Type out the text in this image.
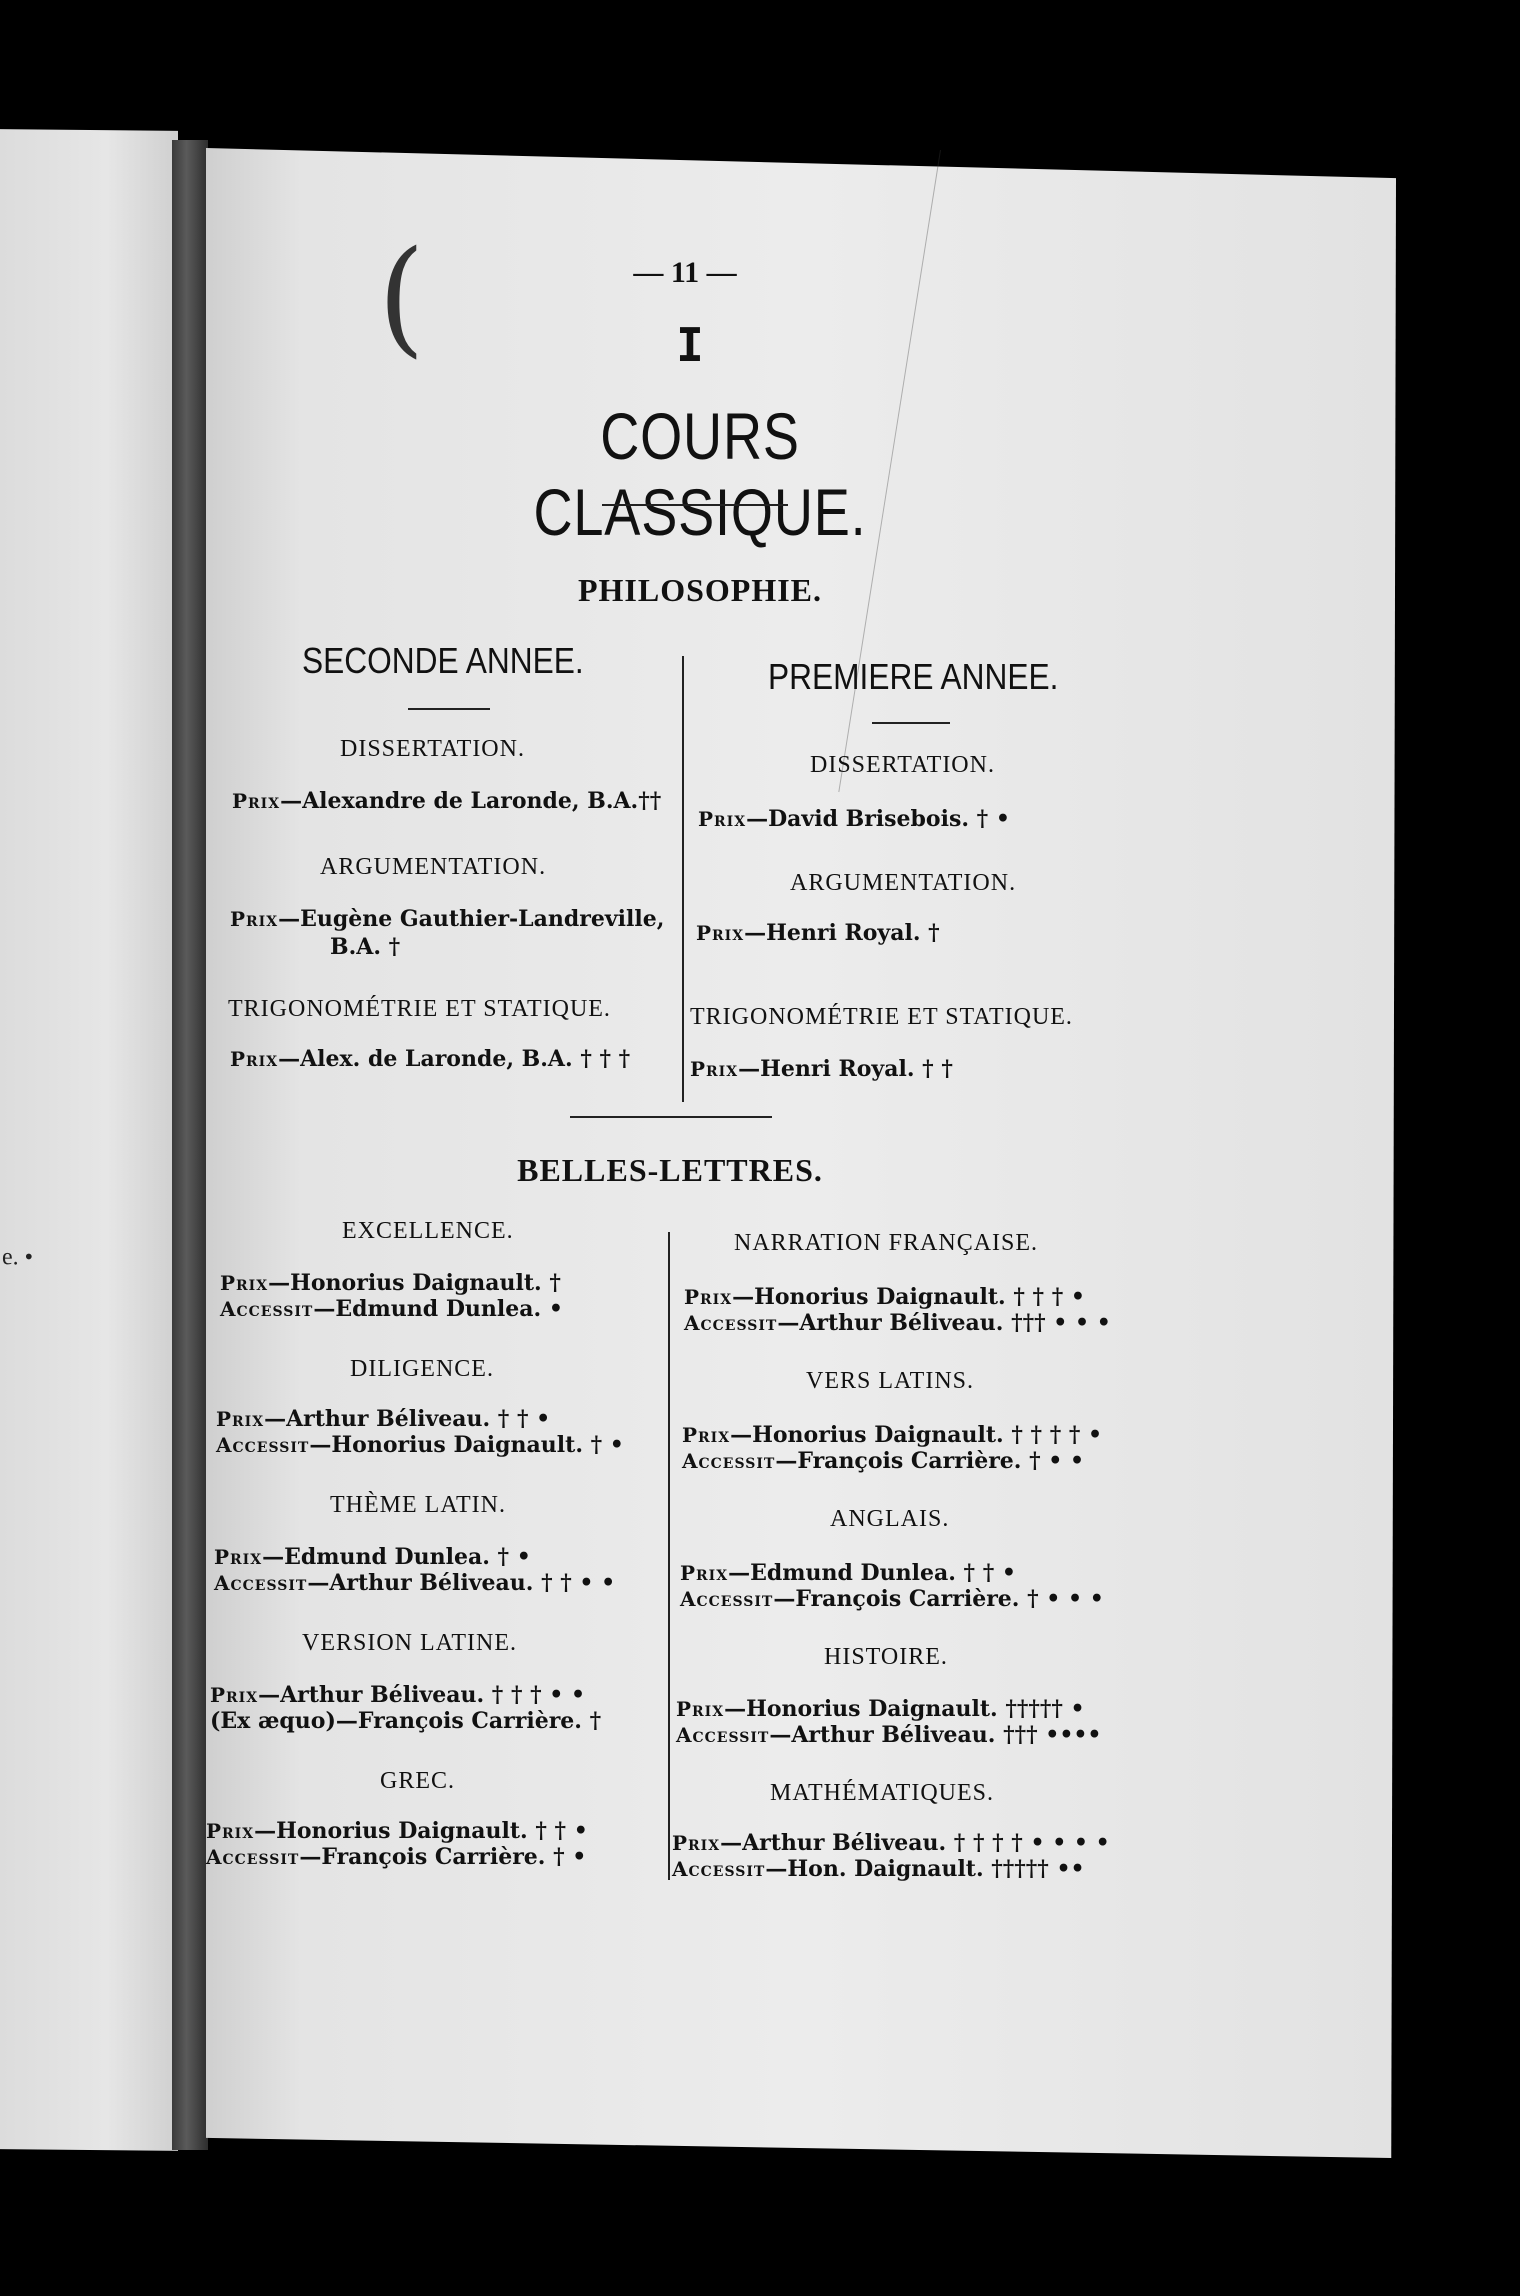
e. •
(	— 11 —
I
COURS CLASSIQUE.
PHILOSOPHIE.
SECONDE ANNEE.	PREMIERE ANNEE.
DISSERTATION.
Prix—Alexandre de Laronde, B.A.††
ARGUMENTATION.
Prix—Eugène Gauthier-Landreville,
B.A. †
TRIGONOMÉTRIE ET STATIQUE.
Prix—Alex. de Laronde, B.A. † † †
DISSERTATION.
Prix—David Brisebois. † •
ARGUMENTATION.
Prix—Henri Royal. †
TRIGONOMÉTRIE ET STATIQUE.
Prix—Henri Royal. † †
BELLES-LETTRES.
EXCELLENCE.
Prix—Honorius Daignault. †
Accessit—Edmund Dunlea. •
DILIGENCE.
Prix—Arthur Béliveau. † † •
Accessit—Honorius Daignault. † •
THÈME LATIN.
Prix—Edmund Dunlea. † •
Accessit—Arthur Béliveau. † † • •
VERSION LATINE.
Prix—Arthur Béliveau. † † † • •
(Ex æquo)—François Carrière. †
GREC.
Prix—Honorius Daignault. † † •
Accessit—François Carrière. † •
NARRATION FRANÇAISE.
Prix—Honorius Daignault. † † † •
Accessit—Arthur Béliveau. ††† • • •
VERS LATINS.
Prix—Honorius Daignault. † † † † •
Accessit—François Carrière. † • •
ANGLAIS.
Prix—Edmund Dunlea. † † •
Accessit—François Carrière. † • • •
HISTOIRE.
Prix—Honorius Daignault. ††††† •
Accessit—Arthur Béliveau. ††† ••••
MATHÉMATIQUES.
Prix—Arthur Béliveau. † † † † • • • •
Accessit—Hon. Daignault. ††††† ••
